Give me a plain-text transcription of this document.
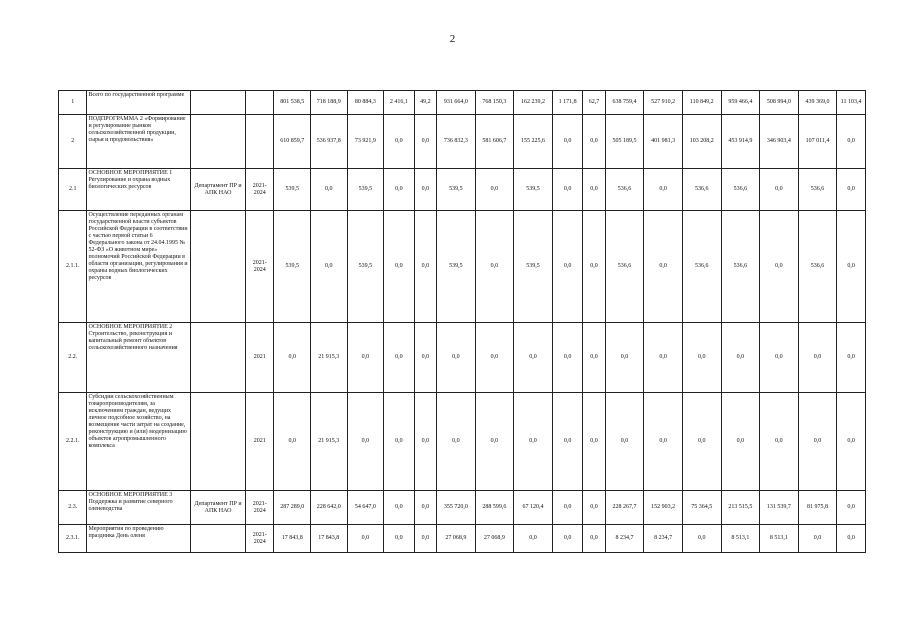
2
1	Всего по государственной программе			801 538,5	718 188,9	80 884,3	2 416,1	49,2	931 664,0	768 150,3	162 239,2	1 171,8	62,7	638 759,4	527 910,2	110 849,2	959 466,4	508 994,0	439 369,0	11 103,4
2	ПОДПРОГРАММА 2 «Формирование и регулирование рынков сельскохозяйственной продукции, сырья и продовольствия»			610 859,7	536 937,8	73 921,9	0,0	0,0	736 832,3	581 606,7	155 225,6	0,0	0,0	505 189,5	401 981,3	103 208,2	453 914,9	346 903,4	107 011,4	0,0
2.1	ОСНОВНОЕ МЕРОПРИЯТИЕ 1 Регулирование и охрана водных биологических ресурсов	Департамент ПР и АПК НАО	2021-2024	539,5	0,0	539,5	0,0	0,0	539,5	0,0	539,5	0,0	0,0	536,6	0,0	536,6	536,6	0,0	536,6	0,0
2.1.1.	Осуществление переданных органам государственной власти субъектов Российской Федерации в соответствии с частью первой статьи 6 Федерального закона от 24.04.1995 № 52-ФЗ «О животном мире» полномочий Российской Федерации в области организации, регулирования и охраны водных биологических ресурсов		2021-2024	539,5	0,0	539,5	0,0	0,0	539,5	0,0	539,5	0,0	0,0	536,6	0,0	536,6	536,6	0,0	536,6	0,0
2.2.	ОСНОВНОЕ МЕРОПРИЯТИЕ 2 Строительство, реконструкция и капитальный ремонт объектов сельскохозяйственного назначения		2021	0,0	21 915,3	0,0	0,0	0,0	0,0	0,0	0,0	0,0	0,0	0,0	0,0	0,0	0,0	0,0	0,0	0,0
2.2.1.	Субсидии сельскохозяйственным товаропроизводителям, за исключением граждан, ведущих личное подсобное хозяйство, на возмещение части затрат на создание, реконструкцию и (или) модернизацию объектов агропромышленного комплекса		2021	0,0	21 915,3	0,0	0,0	0,0	0,0	0,0	0,0	0,0	0,0	0,0	0,0	0,0	0,0	0,0	0,0	0,0
2.3.	ОСНОВНОЕ МЕРОПРИЯТИЕ 3 Поддержка и развитие северного оленеводства	Департамент ПР и АПК НАО	2021-2024	287 289,0	228 642,0	54 647,0	0,0	0,0	355 720,0	288 599,6	67 120,4	0,0	0,0	228 267,7	152 903,2	75 364,5	213 515,5	131 539,7	81 975,8	0,0
2.3.1.	Мероприятия по проведению праздника День оленя		2021-2024	17 843,8	17 843,8	0,0	0,0	0,0	27 068,9	27 068,9	0,0	0,0	0,0	8 234,7	8 234,7	0,0	8 513,1	8 513,1	0,0	0,0
